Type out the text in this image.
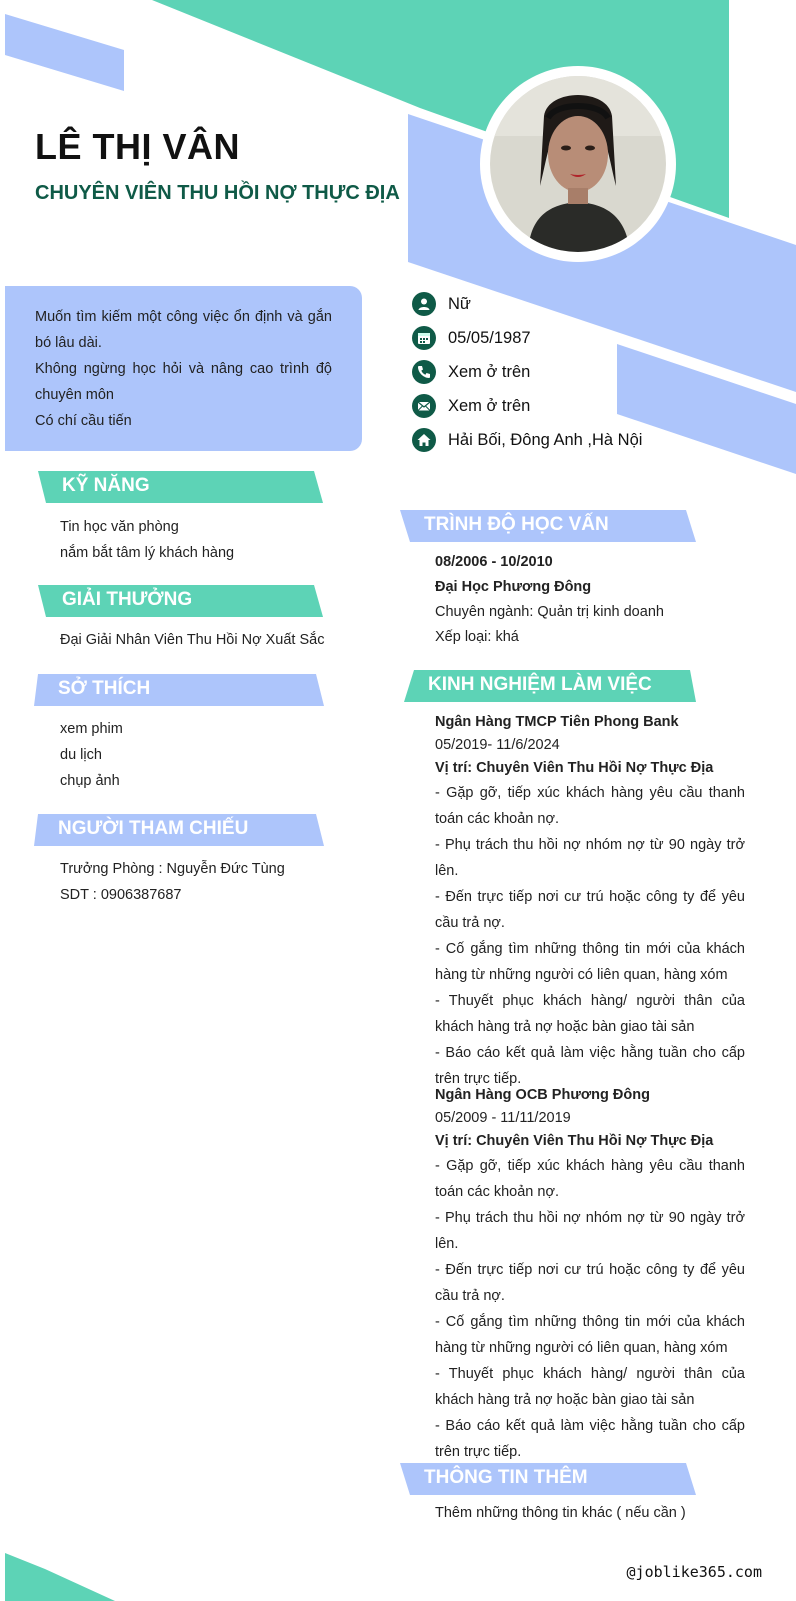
LÊ THỊ VÂN
CHUYÊN VIÊN THU HỒI NỢ THỰC ĐỊA

Muốn tìm kiếm một công việc ổn định và gắn bó lâu dài.

Không ngừng học hỏi và nâng cao trình độ chuyên môn

Có chí cầu tiến

Nữ
05/05/1987
Xem ở trên
Xem ở trên
Hải Bối, Đông Anh ,Hà Nội
KỸ NĂNG
Tin học văn phòng
nắm bắt tâm lý khách hàng
GIẢI THƯỞNG
Đại Giải Nhân Viên Thu Hồi Nợ Xuất Sắc
SỞ THÍCH
xem phim
du lịch
chụp ảnh
NGƯỜI THAM CHIẾU
Trưởng Phòng : Nguyễn Đức Tùng
SDT : 0906387687
TRÌNH ĐỘ HỌC VẤN
08/2006 - 10/2010
Đại Học Phương Đông
Chuyên ngành: Quản trị kinh doanh
Xếp loại: khá
KINH NGHIỆM LÀM VIỆC
Ngân Hàng TMCP Tiên Phong Bank
05/2019- 11/6/2024
Vị trí: Chuyên Viên Thu Hồi Nợ Thực Địa
- Gặp gỡ, tiếp xúc khách hàng yêu cầu thanh toán các khoản nợ.
- Phụ trách thu hồi nợ nhóm nợ từ 90 ngày trở lên.
- Đến trực tiếp nơi cư trú hoặc công ty để yêu cầu trả nợ.
- Cố gắng tìm những thông tin mới của khách hàng từ những người có liên quan, hàng xóm
- Thuyết phục khách hàng/ người thân của khách hàng trả nợ hoặc bàn giao tài sản
- Báo cáo kết quả làm việc hằng tuần cho cấp trên trực tiếp.
Ngân Hàng OCB Phương Đông
05/2009 - 11/11/2019
Vị trí: Chuyên Viên Thu Hồi Nợ Thực Địa
- Gặp gỡ, tiếp xúc khách hàng yêu cầu thanh toán các khoản nợ.
- Phụ trách thu hồi nợ nhóm nợ từ 90 ngày trở lên.
- Đến trực tiếp nơi cư trú hoặc công ty để yêu cầu trả nợ.
- Cố gắng tìm những thông tin mới của khách hàng từ những người có liên quan, hàng xóm
- Thuyết phục khách hàng/ người thân của khách hàng trả nợ hoặc bàn giao tài sản
- Báo cáo kết quả làm việc hằng tuần cho cấp trên trực tiếp.
THÔNG TIN THÊM

Thêm những thông tin khác ( nếu cần )

@joblike365.com
